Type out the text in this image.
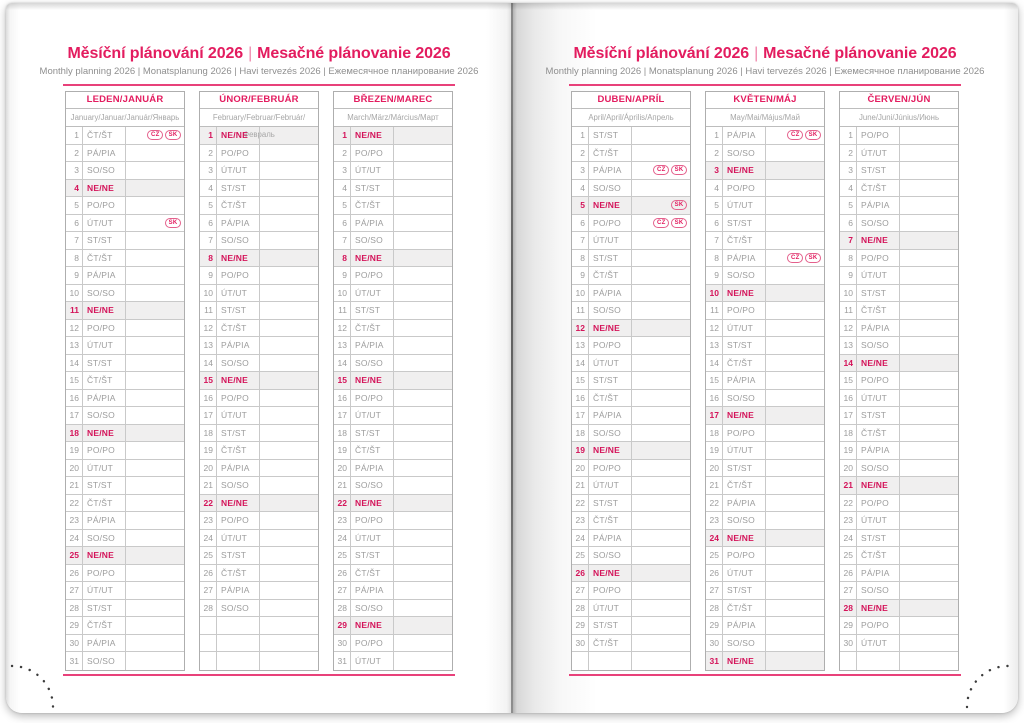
Měsíční plánování 2026 | Mesačné plánovanie 2026
Monthly planning 2026 | Monatsplanung 2026 | Havi tervezés 2026 | Ежемесячное планирование 2026
LEDEN/JANUÁR
January/Januar/Január/Январь
1 ČT/ŠT	CZ	SK
2 PÁ/PIA
3 SO/SO
4 NE/NE
5 PO/PO
6 ÚT/UT	SK
7 ST/ST
8 ČT/ŠT
9 PÁ/PIA
10 SO/SO
11 NE/NE
12 PO/PO
13 ÚT/UT
14 ST/ST
15 ČT/ŠT
16 PÁ/PIA
17 SO/SO
18 NE/NE
19 PO/PO
20 ÚT/UT
21 ST/ST
22 ČT/ŠT
23 PÁ/PIA
24 SO/SO
25 NE/NE
26 PO/PO
27 ÚT/UT
28 ST/ST
29 ČT/ŠT
30 PÁ/PIA
31 SO/SO
ÚNOR/FEBRUÁR
February/Februar/Február/Февраль
1 NE/NE
2 PO/PO
3 ÚT/UT
4 ST/ST
5 ČT/ŠT
6 PÁ/PIA
7 SO/SO
8 NE/NE
9 PO/PO
10 ÚT/UT
11 ST/ST
12 ČT/ŠT
13 PÁ/PIA
14 SO/SO
15 NE/NE
16 PO/PO
17 ÚT/UT
18 ST/ST
19 ČT/ŠT
20 PÁ/PIA
21 SO/SO
22 NE/NE
23 PO/PO
24 ÚT/UT
25 ST/ST
26 ČT/ŠT
27 PÁ/PIA
28 SO/SO
BŘEZEN/MAREC
March/März/Március/Март
1 NE/NE
2 PO/PO
3 ÚT/UT
4 ST/ST
5 ČT/ŠT
6 PÁ/PIA
7 SO/SO
8 NE/NE
9 PO/PO
10 ÚT/UT
11 ST/ST
12 ČT/ŠT
13 PÁ/PIA
14 SO/SO
15 NE/NE
16 PO/PO
17 ÚT/UT
18 ST/ST
19 ČT/ŠT
20 PÁ/PIA
21 SO/SO
22 NE/NE
23 PO/PO
24 ÚT/UT
25 ST/ST
26 ČT/ŠT
27 PÁ/PIA
28 SO/SO
29 NE/NE
30 PO/PO
31 ÚT/UT
Měsíční plánování 2026 | Mesačné plánovanie 2026
Monthly planning 2026 | Monatsplanung 2026 | Havi tervezés 2026 | Ежемесячное планирование 2026
DUBEN/APRÍL
April/April/Április/Апрель
1 ST/ST
2 ČT/ŠT
3 PÁ/PIA	CZ	SK
4 SO/SO
5 NE/NE	SK
6 PO/PO	CZ	SK
7 ÚT/UT
8 ST/ST
9 ČT/ŠT
10 PÁ/PIA
11 SO/SO
12 NE/NE
13 PO/PO
14 ÚT/UT
15 ST/ST
16 ČT/ŠT
17 PÁ/PIA
18 SO/SO
19 NE/NE
20 PO/PO
21 ÚT/UT
22 ST/ST
23 ČT/ŠT
24 PÁ/PIA
25 SO/SO
26 NE/NE
27 PO/PO
28 ÚT/UT
29 ST/ST
30 ČT/ŠT
KVĚTEN/MÁJ
May/Mai/Május/Май
1 PÁ/PIA	CZ	SK
2 SO/SO
3 NE/NE
4 PO/PO
5 ÚT/UT
6 ST/ST
7 ČT/ŠT
8 PÁ/PIA	CZ	SK
9 SO/SO
10 NE/NE
11 PO/PO
12 ÚT/UT
13 ST/ST
14 ČT/ŠT
15 PÁ/PIA
16 SO/SO
17 NE/NE
18 PO/PO
19 ÚT/UT
20 ST/ST
21 ČT/ŠT
22 PÁ/PIA
23 SO/SO
24 NE/NE
25 PO/PO
26 ÚT/UT
27 ST/ST
28 ČT/ŠT
29 PÁ/PIA
30 SO/SO
31 NE/NE
ČERVEN/JÚN
June/Juni/Június/Июнь
1 PO/PO
2 ÚT/UT
3 ST/ST
4 ČT/ŠT
5 PÁ/PIA
6 SO/SO
7 NE/NE
8 PO/PO
9 ÚT/UT
10 ST/ST
11 ČT/ŠT
12 PÁ/PIA
13 SO/SO
14 NE/NE
15 PO/PO
16 ÚT/UT
17 ST/ST
18 ČT/ŠT
19 PÁ/PIA
20 SO/SO
21 NE/NE
22 PO/PO
23 ÚT/UT
24 ST/ST
25 ČT/ŠT
26 PÁ/PIA
27 SO/SO
28 NE/NE
29 PO/PO
30 ÚT/UT
